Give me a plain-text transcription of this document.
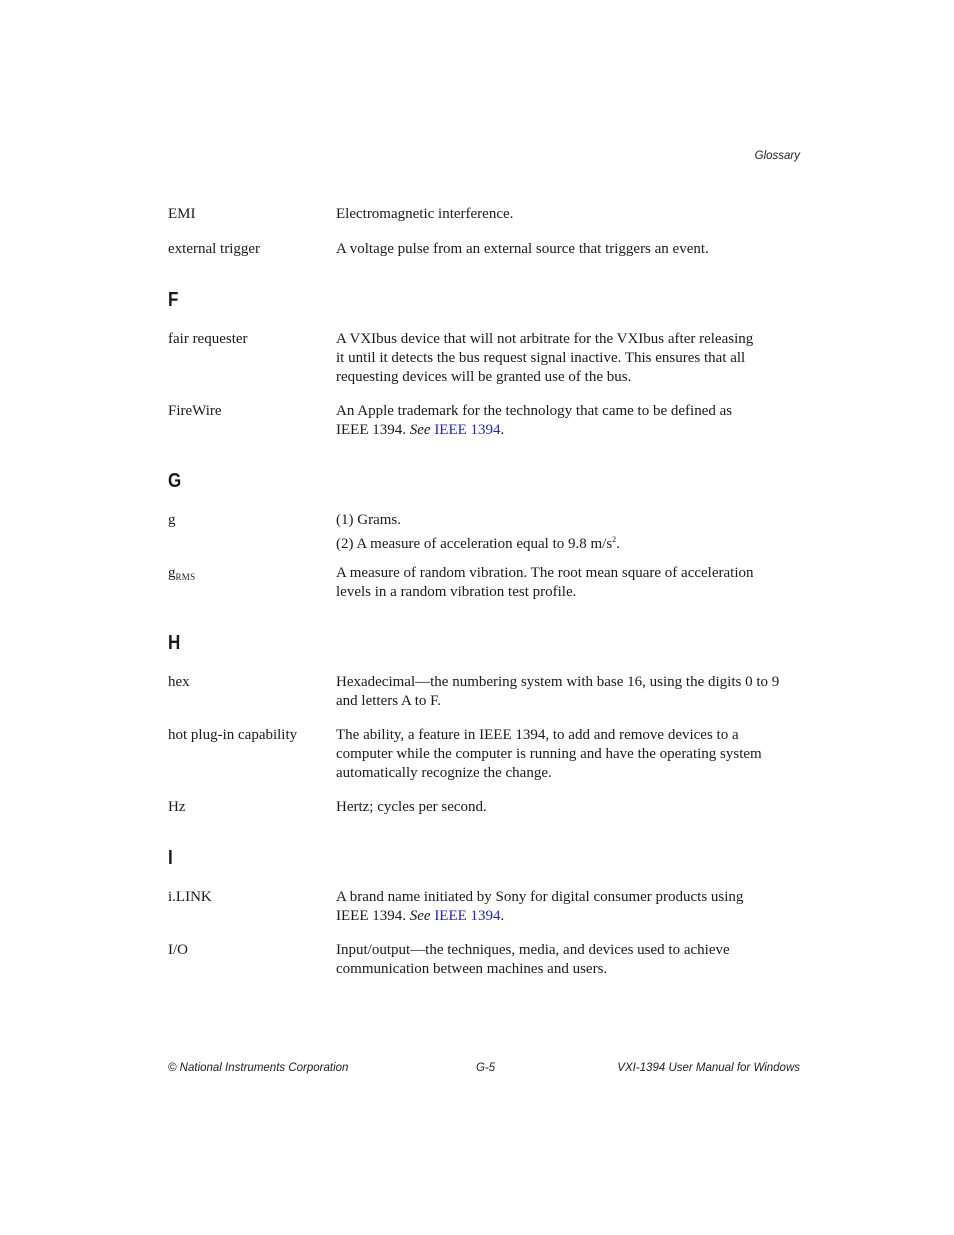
Glossary
EMI	Electromagnetic interference.
external trigger	A voltage pulse from an external source that triggers an event.
F
fair requester	A VXIbus device that will not arbitrate for the VXIbus after releasing
it until it detects the bus request signal inactive. This ensures that all
requesting devices will be granted use of the bus.
FireWire	An Apple trademark for the technology that came to be defined as
IEEE 1394. See IEEE 1394.
G
g	(1) Grams.
(2) A measure of acceleration equal to 9.8 $m/s^2$.
$g_{RMS}$	A measure of random vibration. The root mean square of acceleration
levels in a random vibration test profile.
H
hex	Hexadecimal—the numbering system with base 16, using the digits 0 to 9
and letters A to F.
hot plug-in capability	The ability, a feature in IEEE 1394, to add and remove devices to a
computer while the computer is running and have the operating system
automatically recognize the change.
Hz	Hertz; cycles per second.
I
i.LINK	A brand name initiated by Sony for digital consumer products using
IEEE 1394. See IEEE 1394.
I/O	Input/output—the techniques, media, and devices used to achieve
communication between machines and users.
© National Instruments Corporation	G-5	VXI-1394 User Manual for Windows
